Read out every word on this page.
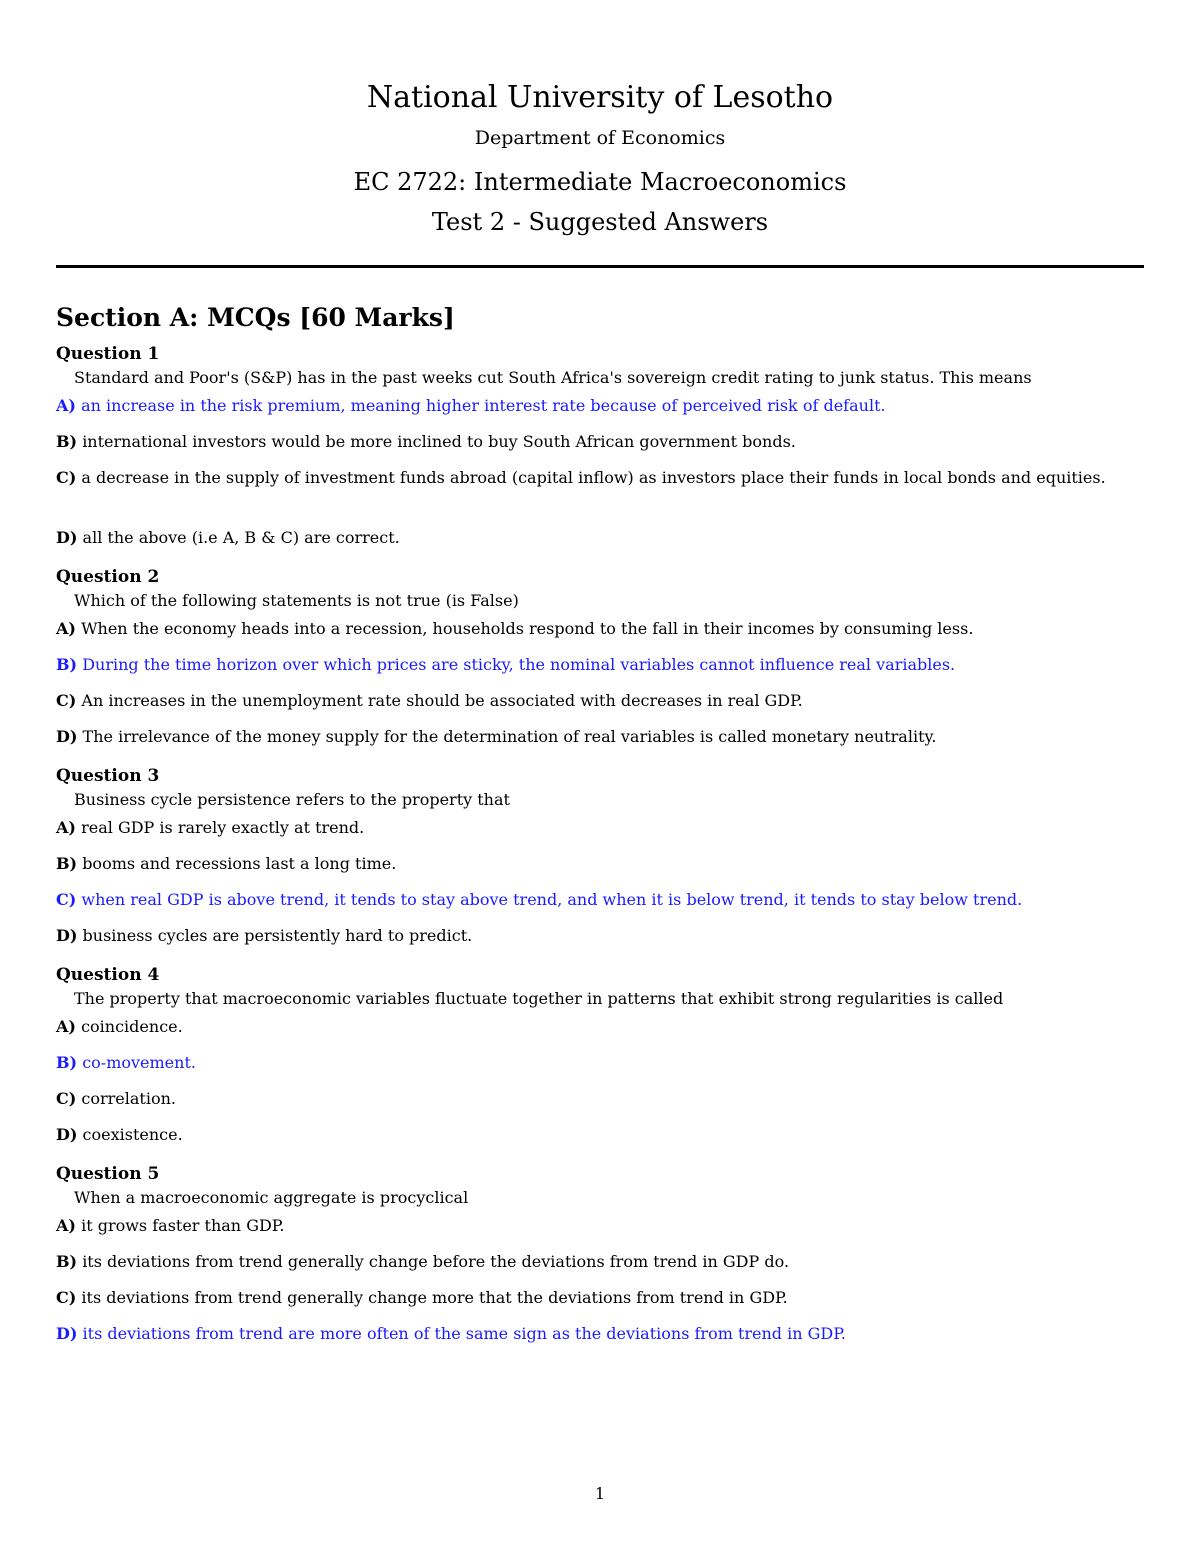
National University of Lesotho
Department of Economics
EC 2722: Intermediate Macroeconomics
Test 2 - Suggested Answers
Section A: MCQs [60 Marks]
Question 1
Standard and Poor's (S&P) has in the past weeks cut South Africa's sovereign credit rating to junk status. This means
A) an increase in the risk premium, meaning higher interest rate because of perceived risk of default.
B) international investors would be more inclined to buy South African government bonds.
C) a decrease in the supply of investment funds abroad (capital inflow) as investors place their funds in local bonds and equities.
D) all the above (i.e A, B & C) are correct.
Question 2
Which of the following statements is not true (is False)
A) When the economy heads into a recession, households respond to the fall in their incomes by consuming less.
B) During the time horizon over which prices are sticky, the nominal variables cannot influence real variables.
C) An increases in the unemployment rate should be associated with decreases in real GDP.
D) The irrelevance of the money supply for the determination of real variables is called monetary neutrality.
Question 3
Business cycle persistence refers to the property that
A) real GDP is rarely exactly at trend.
B) booms and recessions last a long time.
C) when real GDP is above trend, it tends to stay above trend, and when it is below trend, it tends to stay below trend.
D) business cycles are persistently hard to predict.
Question 4
The property that macroeconomic variables fluctuate together in patterns that exhibit strong regularities is called
A) coincidence.
B) co-movement.
C) correlation.
D) coexistence.
Question 5
When a macroeconomic aggregate is procyclical
A) it grows faster than GDP.
B) its deviations from trend generally change before the deviations from trend in GDP do.
C) its deviations from trend generally change more that the deviations from trend in GDP.
D) its deviations from trend are more often of the same sign as the deviations from trend in GDP.
1
